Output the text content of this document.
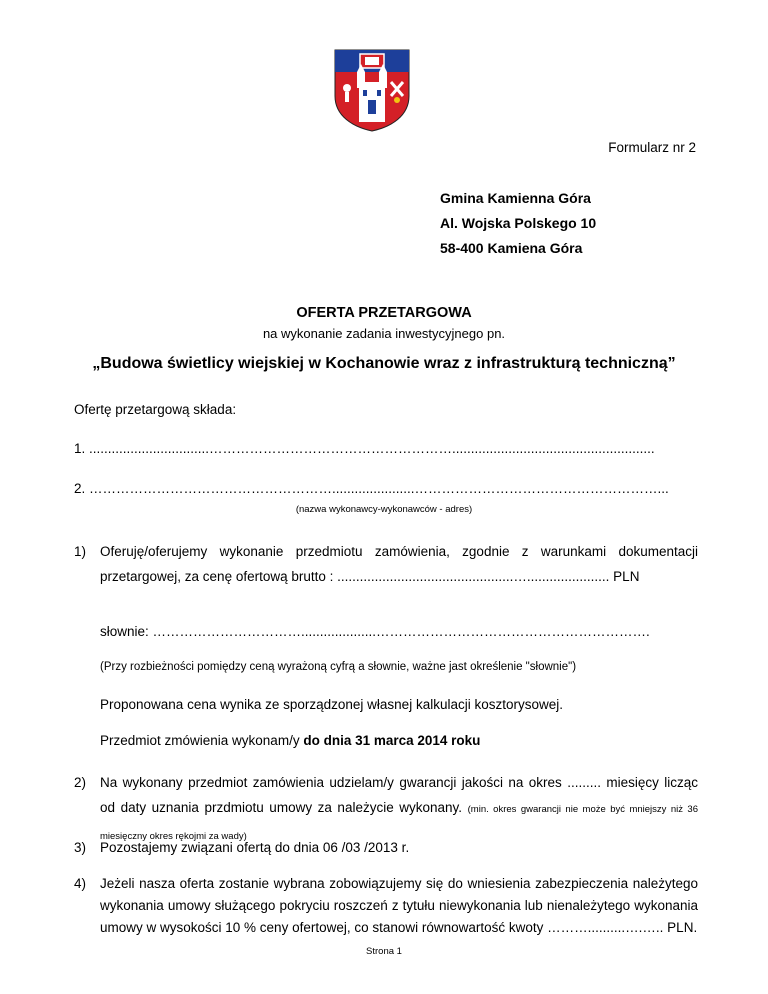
Formularz nr 2
Gmina Kamienna Góra
Al. Wojska Polskego 10
58-400 Kamiena Góra
OFERTA PRZETARGOWA
na wykonanie zadania inwestycyjnego pn.
„Budowa świetlicy wiejskiej w Kochanowie wraz z infrastrukturą techniczną”
Ofertę przetargową składa:
1. ................................………………………………………………......................................................
2. ………………………………………………......................………………………………………………...
(nazwa wykonawcy-wykonawców - adres)
1) Oferuję/oferujemy wykonanie przedmiotu zamówienia, zgodnie z warunkami dokumentacji przetargowej, za cenę ofertową brutto : ...............................................…...................... PLN
słownie: ……………………………....................…………………………………………………….
(Przy rozbieżności pomiędzy ceną wyrażoną cyfrą a słownie, ważne jast określenie "słownie")
Proponowana cena wynika ze sporządzonej własnej kalkulacji kosztorysowej.
Przedmiot zmówienia wykonam/y do dnia 31 marca 2014 roku
2) Na wykonany przedmiot zamówienia udzielam/y gwarancji jakości na okres ......... miesięcy licząc od daty uznania przdmiotu umowy za należycie wykonany. (min. okres gwarancji nie może być mniejszy niż 36 miesięczny okres rękojmi za wady)
3) Pozostajemy związani ofertą do dnia 06 /03 /2013 r.
4) Jeżeli nasza oferta zostanie wybrana zobowiązujemy się do wniesienia zabezpieczenia należytego wykonania umowy służącego pokryciu roszczeń z tytułu niewykonania lub nienależytego wykonania umowy w wysokości 10 % ceny ofertowej, co stanowi równowartość kwoty ………..........….….. PLN.
Strona 1
